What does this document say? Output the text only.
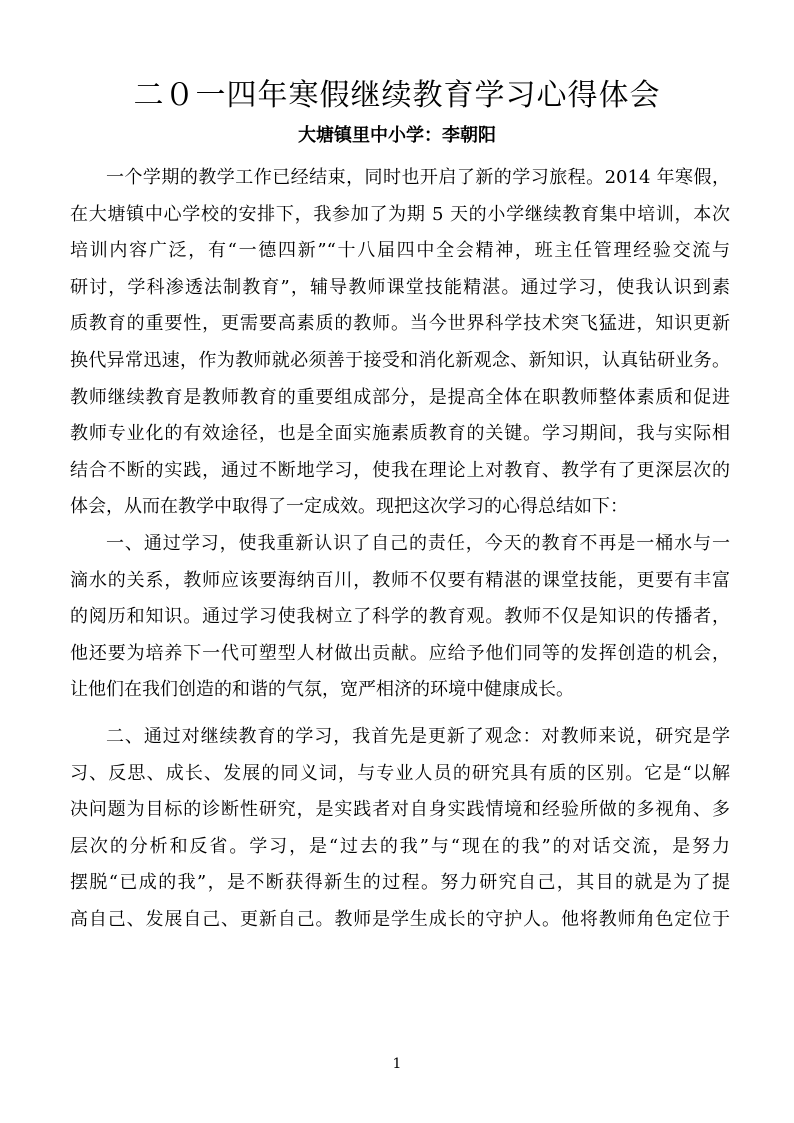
二０一四年寒假继续教育学习心得体会
大塘镇里中小学：李朝阳
一个学期的教学工作已经结束，同时也开启了新的学习旅程。2014 年寒假，
在大塘镇中心学校的安排下，我参加了为期 5 天的小学继续教育集中培训，本次
培训内容广泛，有“一德四新”“十八届四中全会精神，班主任管理经验交流与
研讨，学科渗透法制教育”，辅导教师课堂技能精湛。通过学习，使我认识到素
质教育的重要性，更需要高素质的教师。当今世界科学技术突飞猛进，知识更新
换代异常迅速，作为教师就必须善于接受和消化新观念、新知识，认真钻研业务。
教师继续教育是教师教育的重要组成部分，是提高全体在职教师整体素质和促进
教师专业化的有效途径，也是全面实施素质教育的关键。学习期间，我与实际相
结合不断的实践，通过不断地学习，使我在理论上对教育、教学有了更深层次的
体会，从而在教学中取得了一定成效。现把这次学习的心得总结如下：
一、通过学习，使我重新认识了自己的责任，今天的教育不再是一桶水与一
滴水的关系，教师应该要海纳百川，教师不仅要有精湛的课堂技能，更要有丰富
的阅历和知识。通过学习使我树立了科学的教育观。教师不仅是知识的传播者，
他还要为培养下一代可塑型人材做出贡献。应给予他们同等的发挥创造的机会，
让他们在我们创造的和谐的气氛，宽严相济的环境中健康成长。
二、通过对继续教育的学习，我首先是更新了观念：对教师来说，研究是学
习、反思、成长、发展的同义词，与专业人员的研究具有质的区别。它是“以解
决问题为目标的诊断性研究，是实践者对自身实践情境和经验所做的多视角、多
层次的分析和反省。学习，是“过去的我”与“现在的我”的对话交流，是努力
摆脱“已成的我”，是不断获得新生的过程。努力研究自己，其目的就是为了提
高自己、发展自己、更新自己。教师是学生成长的守护人。他将教师角色定位于
1
